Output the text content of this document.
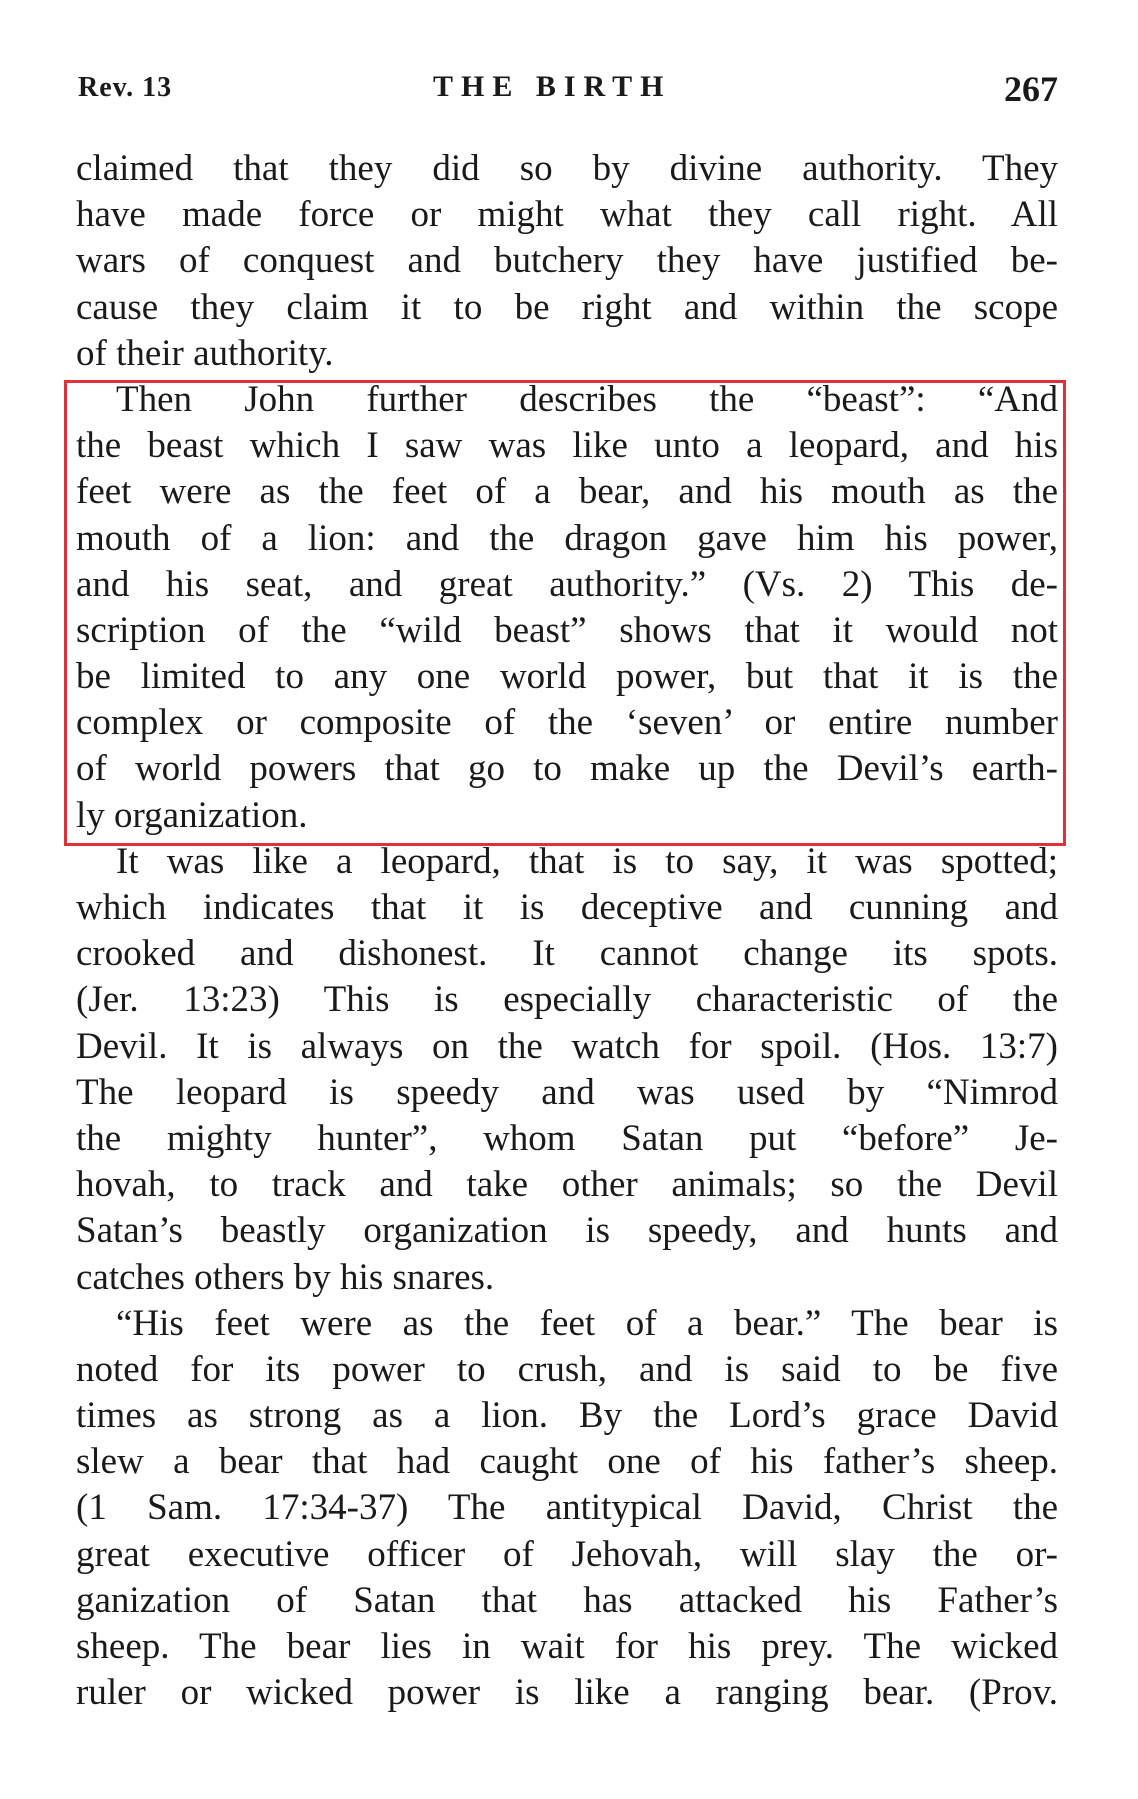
Rev. 13	THE BIRTH	267
claimed that they did so by divine authority. They
have made force or might what they call right. All
wars of conquest and butchery they have justified be-
cause they claim it to be right and within the scope
of their authority.
Then John further describes the “beast”: “And
the beast which I saw was like unto a leopard, and his
feet were as the feet of a bear, and his mouth as the
mouth of a lion: and the dragon gave him his power,
and his seat, and great authority.” (Vs. 2) This de-
scription of the “wild beast” shows that it would not
be limited to any one world power, but that it is the
complex or composite of the ‘seven’ or entire number
of world powers that go to make up the Devil’s earth-
ly organization.
It was like a leopard, that is to say, it was spotted;
which indicates that it is deceptive and cunning and
crooked and dishonest. It cannot change its spots.
(Jer. 13:23) This is especially characteristic of the
Devil. It is always on the watch for spoil. (Hos. 13:7)
The leopard is speedy and was used by “Nimrod
the mighty hunter”, whom Satan put “before” Je-
hovah, to track and take other animals; so the Devil
Satan’s beastly organization is speedy, and hunts and
catches others by his snares.
“His feet were as the feet of a bear.” The bear is
noted for its power to crush, and is said to be five
times as strong as a lion. By the Lord’s grace David
slew a bear that had caught one of his father’s sheep.
(1 Sam. 17:34-37) The antitypical David, Christ the
great executive officer of Jehovah, will slay the or-
ganization of Satan that has attacked his Father’s
sheep. The bear lies in wait for his prey. The wicked
ruler or wicked power is like a ranging bear. (Prov.
